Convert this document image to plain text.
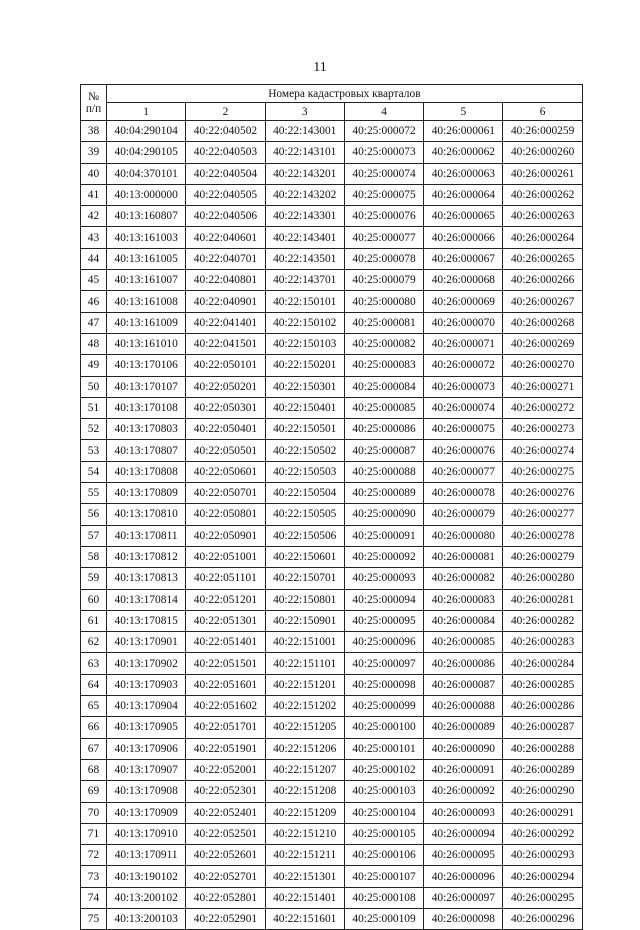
11
№
п/п	Номера кадастровых кварталов					
	1	2	3	4	5	6
38	40:04:290104	40:22:040502	40:22:143001	40:25:000072	40:26:000061	40:26:000259
39	40:04:290105	40:22:040503	40:22:143101	40:25:000073	40:26:000062	40:26:000260
40	40:04:370101	40:22:040504	40:22:143201	40:25:000074	40:26:000063	40:26:000261
41	40:13:000000	40:22:040505	40:22:143202	40:25:000075	40:26:000064	40:26:000262
42	40:13:160807	40:22:040506	40:22:143301	40:25:000076	40:26:000065	40:26:000263
43	40:13:161003	40:22:040601	40:22:143401	40:25:000077	40:26:000066	40:26:000264
44	40:13:161005	40:22:040701	40:22:143501	40:25:000078	40:26:000067	40:26:000265
45	40:13:161007	40:22:040801	40:22:143701	40:25:000079	40:26:000068	40:26:000266
46	40:13:161008	40:22:040901	40:22:150101	40:25:000080	40:26:000069	40:26:000267
47	40:13:161009	40:22:041401	40:22:150102	40:25:000081	40:26:000070	40:26:000268
48	40:13:161010	40:22:041501	40:22:150103	40:25:000082	40:26:000071	40:26:000269
49	40:13:170106	40:22:050101	40:22:150201	40:25:000083	40:26:000072	40:26:000270
50	40:13:170107	40:22:050201	40:22:150301	40:25:000084	40:26:000073	40:26:000271
51	40:13:170108	40:22:050301	40:22:150401	40:25:000085	40:26:000074	40:26:000272
52	40:13:170803	40:22:050401	40:22:150501	40:25:000086	40:26:000075	40:26:000273
53	40:13:170807	40:22:050501	40:22:150502	40:25:000087	40:26:000076	40:26:000274
54	40:13:170808	40:22:050601	40:22:150503	40:25:000088	40:26:000077	40:26:000275
55	40:13:170809	40:22:050701	40:22:150504	40:25:000089	40:26:000078	40:26:000276
56	40:13:170810	40:22:050801	40:22:150505	40:25:000090	40:26:000079	40:26:000277
57	40:13:170811	40:22:050901	40:22:150506	40:25:000091	40:26:000080	40:26:000278
58	40:13:170812	40:22:051001	40:22:150601	40:25:000092	40:26:000081	40:26:000279
59	40:13:170813	40:22:051101	40:22:150701	40:25:000093	40:26:000082	40:26:000280
60	40:13:170814	40:22:051201	40:22:150801	40:25:000094	40:26:000083	40:26:000281
61	40:13:170815	40:22:051301	40:22:150901	40:25:000095	40:26:000084	40:26:000282
62	40:13:170901	40:22:051401	40:22:151001	40:25:000096	40:26:000085	40:26:000283
63	40:13:170902	40:22:051501	40:22:151101	40:25:000097	40:26:000086	40:26:000284
64	40:13:170903	40:22:051601	40:22:151201	40:25:000098	40:26:000087	40:26:000285
65	40:13:170904	40:22:051602	40:22:151202	40:25:000099	40:26:000088	40:26:000286
66	40:13:170905	40:22:051701	40:22:151205	40:25:000100	40:26:000089	40:26:000287
67	40:13:170906	40:22:051901	40:22:151206	40:25:000101	40:26:000090	40:26:000288
68	40:13:170907	40:22:052001	40:22:151207	40:25:000102	40:26:000091	40:26:000289
69	40:13:170908	40:22:052301	40:22:151208	40:25:000103	40:26:000092	40:26:000290
70	40:13:170909	40:22:052401	40:22:151209	40:25:000104	40:26:000093	40:26:000291
71	40:13:170910	40:22:052501	40:22:151210	40:25:000105	40:26:000094	40:26:000292
72	40:13:170911	40:22:052601	40:22:151211	40:25:000106	40:26:000095	40:26:000293
73	40:13:190102	40:22:052701	40:22:151301	40:25:000107	40:26:000096	40:26:000294
74	40:13:200102	40:22:052801	40:22:151401	40:25:000108	40:26:000097	40:26:000295
75	40:13:200103	40:22:052901	40:22:151601	40:25:000109	40:26:000098	40:26:000296
